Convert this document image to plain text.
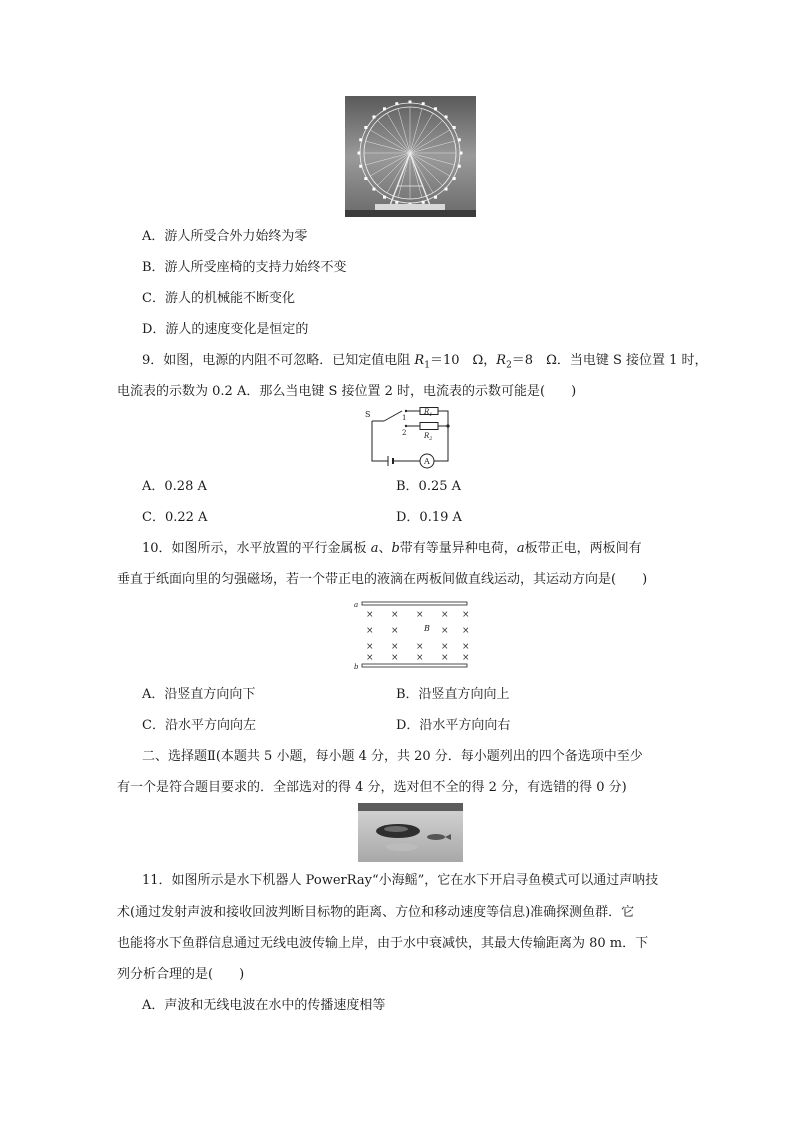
A．游人所受合外力始终为零
B．游人所受座椅的支持力始终不变
C．游人的机械能不断变化
D．游人的速度变化是恒定的
9．如图，电源的内阻不可忽略．已知定值电阻 $R_1=10$　Ω，$R_2=8$　Ω．当电键 S 接位置 1 时，
电流表的示数为 0.2 A．那么当电键 S 接位置 2 时，电流表的示数可能是(　　)
S	1
2
$R_1$
$R_2$
A
A．0.28 A	B．0.25 A
C．0.22 A	D．0.19 A
10．如图所示，水平放置的平行金属板 a、b带有等量异种电荷，a板带正电，两板间有
垂直于纸面向里的匀强磁场，若一个带正电的液滴在两板间做直线运动，其运动方向是(　　)
a
b
B
× × × × ×
× ×	× ×
× × × × ×
× × × × ×
A．沿竖直方向向下	B．沿竖直方向向上
C．沿水平方向向左	D．沿水平方向向右
二、选择题Ⅱ(本题共 5 小题，每小题 4 分，共 20 分．每小题列出的四个备选项中至少
有一个是符合题目要求的．全部选对的得 4 分，选对但不全的得 2 分，有选错的得 0 分)
11．如图所示是水下机器人 PowerRay“小海鳐”，它在水下开启寻鱼模式可以通过声呐技
术(通过发射声波和接收回波判断目标物的距离、方位和移动速度等信息)准确探测鱼群．它
也能将水下鱼群信息通过无线电波传输上岸，由于水中衰减快，其最大传输距离为 80 m．下
列分析合理的是(　　)
A．声波和无线电波在水中的传播速度相等
